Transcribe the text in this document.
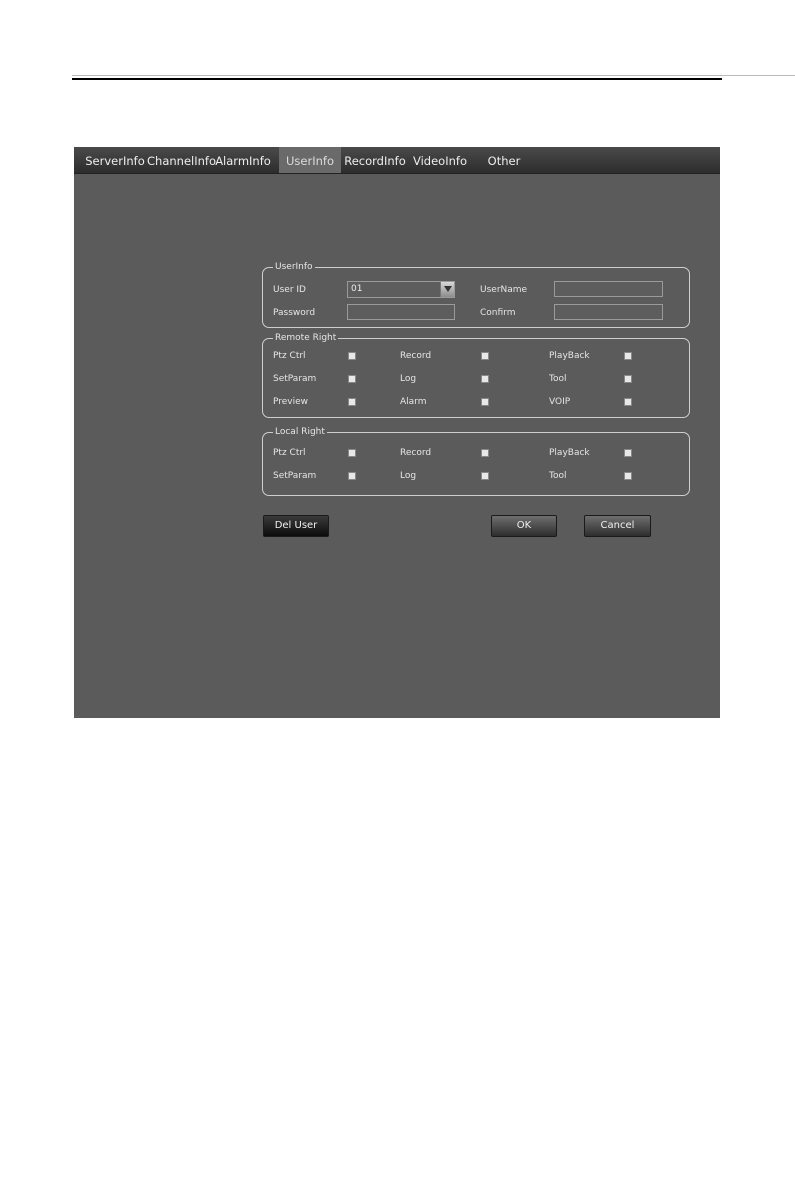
ServerInfo ChannelInfo AlarmInfo	UserInfo RecordInfo VideoInfo	Other
UserInfo
User ID	01	UserName
Password	Confirm
Remote Right
Ptz Ctrl	Record	PlayBack
SetParam	Log	Tool
Preview	Alarm	VOIP
Local Right
Ptz Ctrl	Record	PlayBack
SetParam	Log	Tool
Del User	OK	Cancel
